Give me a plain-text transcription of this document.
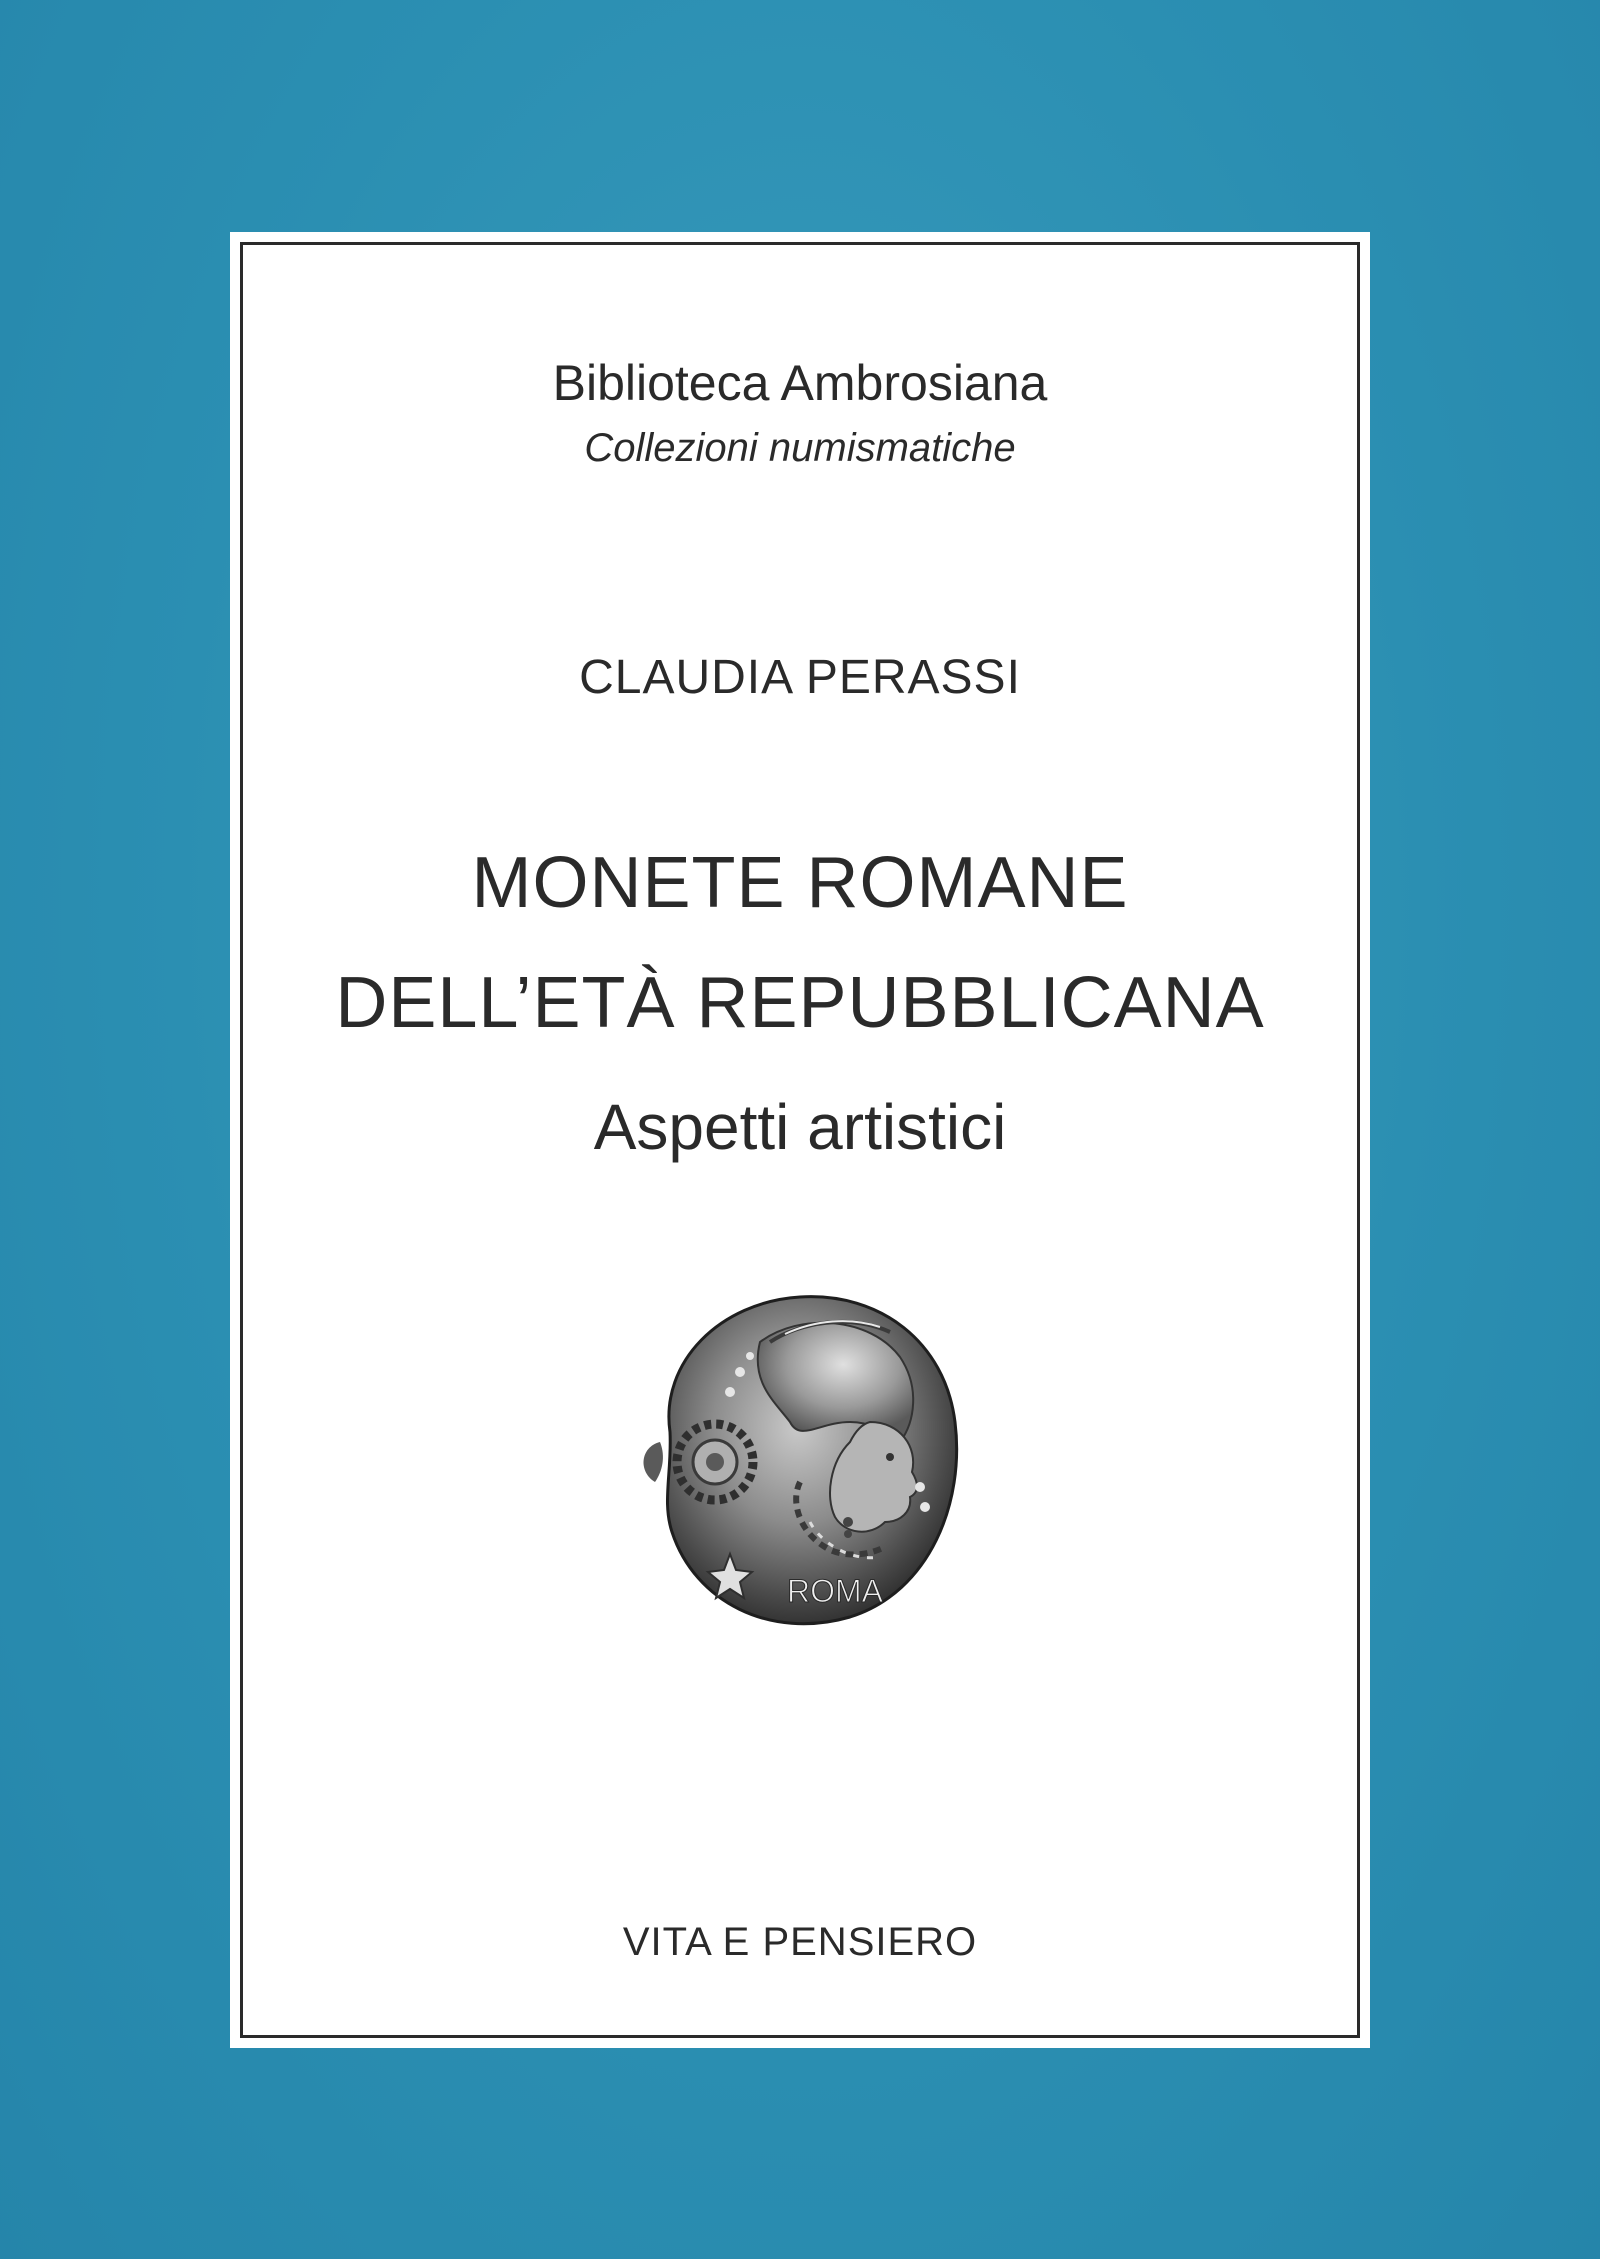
Biblioteca Ambrosiana
Collezioni numismatiche
CLAUDIA PERASSI
MONETE ROMANE
DELL’ETÀ REPUBBLICANA
Aspetti artistici
ROMA
VITA E PENSIERO
